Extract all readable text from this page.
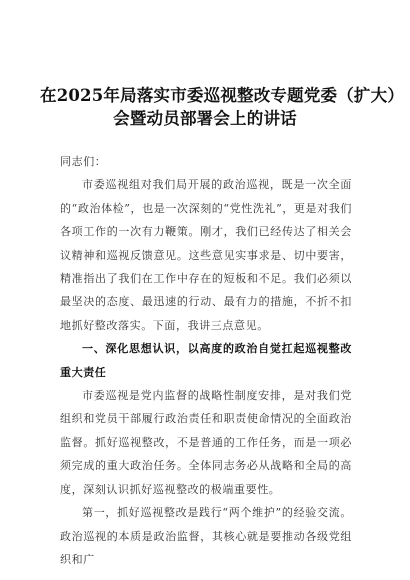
在2025年局落实市委巡视整改专题党委（扩大）
会暨动员部署会上的讲话

同志们：

市委巡视组对我们局开展的政治巡视，既是一次全面的“政治体检”，也是一次深刻的“党性洗礼”，更是对我们各项工作的一次有力鞭策。刚才，我们已经传达了相关会议精神和巡视反馈意见。这些意见实事求是、切中要害，精准指出了我们在工作中存在的短板和不足。我们必须以最坚决的态度、最迅速的行动、最有力的措施，不折不扣地抓好整改落实。下面，我讲三点意见。

一、深化思想认识，以高度的政治自觉扛起巡视整改重大责任

市委巡视是党内监督的战略性制度安排，是对我们党组织和党员干部履行政治责任和职责使命情况的全面政治监督。抓好巡视整改，不是普通的工作任务，而是一项必须完成的重大政治任务。全体同志务必从战略和全局的高度，深刻认识抓好巡视整改的极端重要性。

第一，抓好巡视整改是践行“两个维护”的经验交流。政治巡视的本质是政治监督，其核心就是要推动各级党组织和广
